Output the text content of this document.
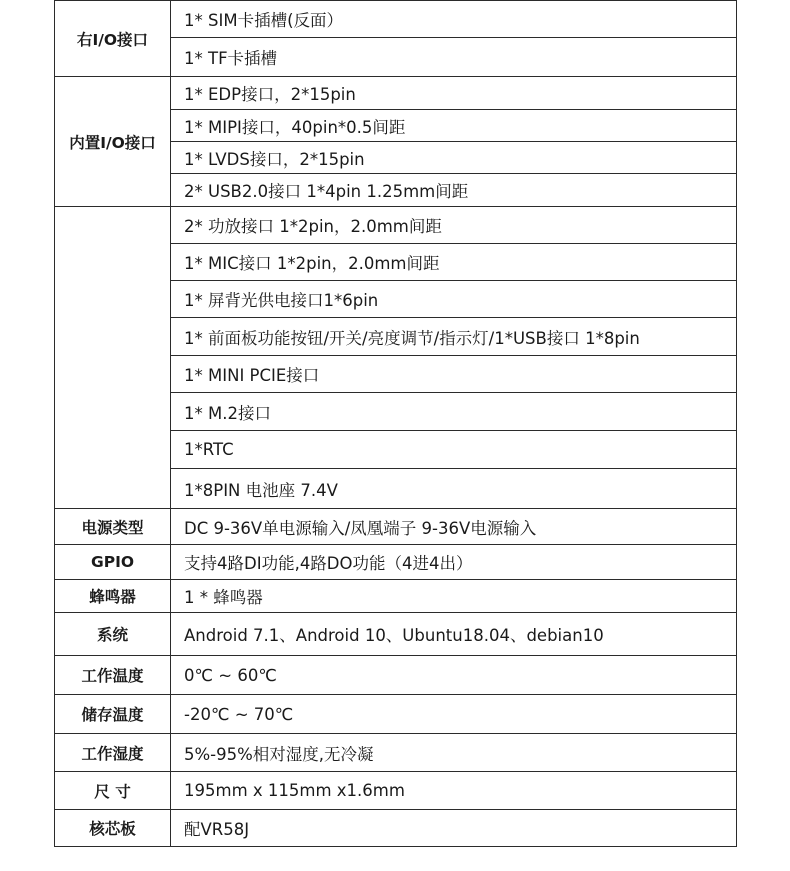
右I/O接口	1* SIM卡插槽(反面）
	1* TF卡插槽
内置I/O接口	1* EDP接口，2*15pin
	1* MIPI接口，40pin*0.5间距
	1* LVDS接口，2*15pin
	2* USB2.0接口 1*4pin 1.25mm间距
	2* 功放接口 1*2pin，2.0mm间距
	1* MIC接口 1*2pin，2.0mm间距
	1* 屏背光供电接口1*6pin
	1* 前面板功能按钮/开关/亮度调节/指示灯/1*USB接口 1*8pin
	1* MINI PCIE接口
	1* M.2接口
	1*RTC
	1*8PIN 电池座 7.4V
电源类型	DC 9-36V单电源输入/凤凰端子 9-36V电源输入
GPIO	支持4路DI功能,4路DO功能（4进4出）
蜂鸣器	1 * 蜂鸣器
系统	Android 7.1、Android 10、Ubuntu18.04、debian10
工作温度	0℃ ~ 60℃
储存温度	-20℃ ~ 70℃
工作湿度	5%-95%相对湿度,无冷凝
尺 寸	195mm x 115mm x1.6mm
核芯板	配VR58J
